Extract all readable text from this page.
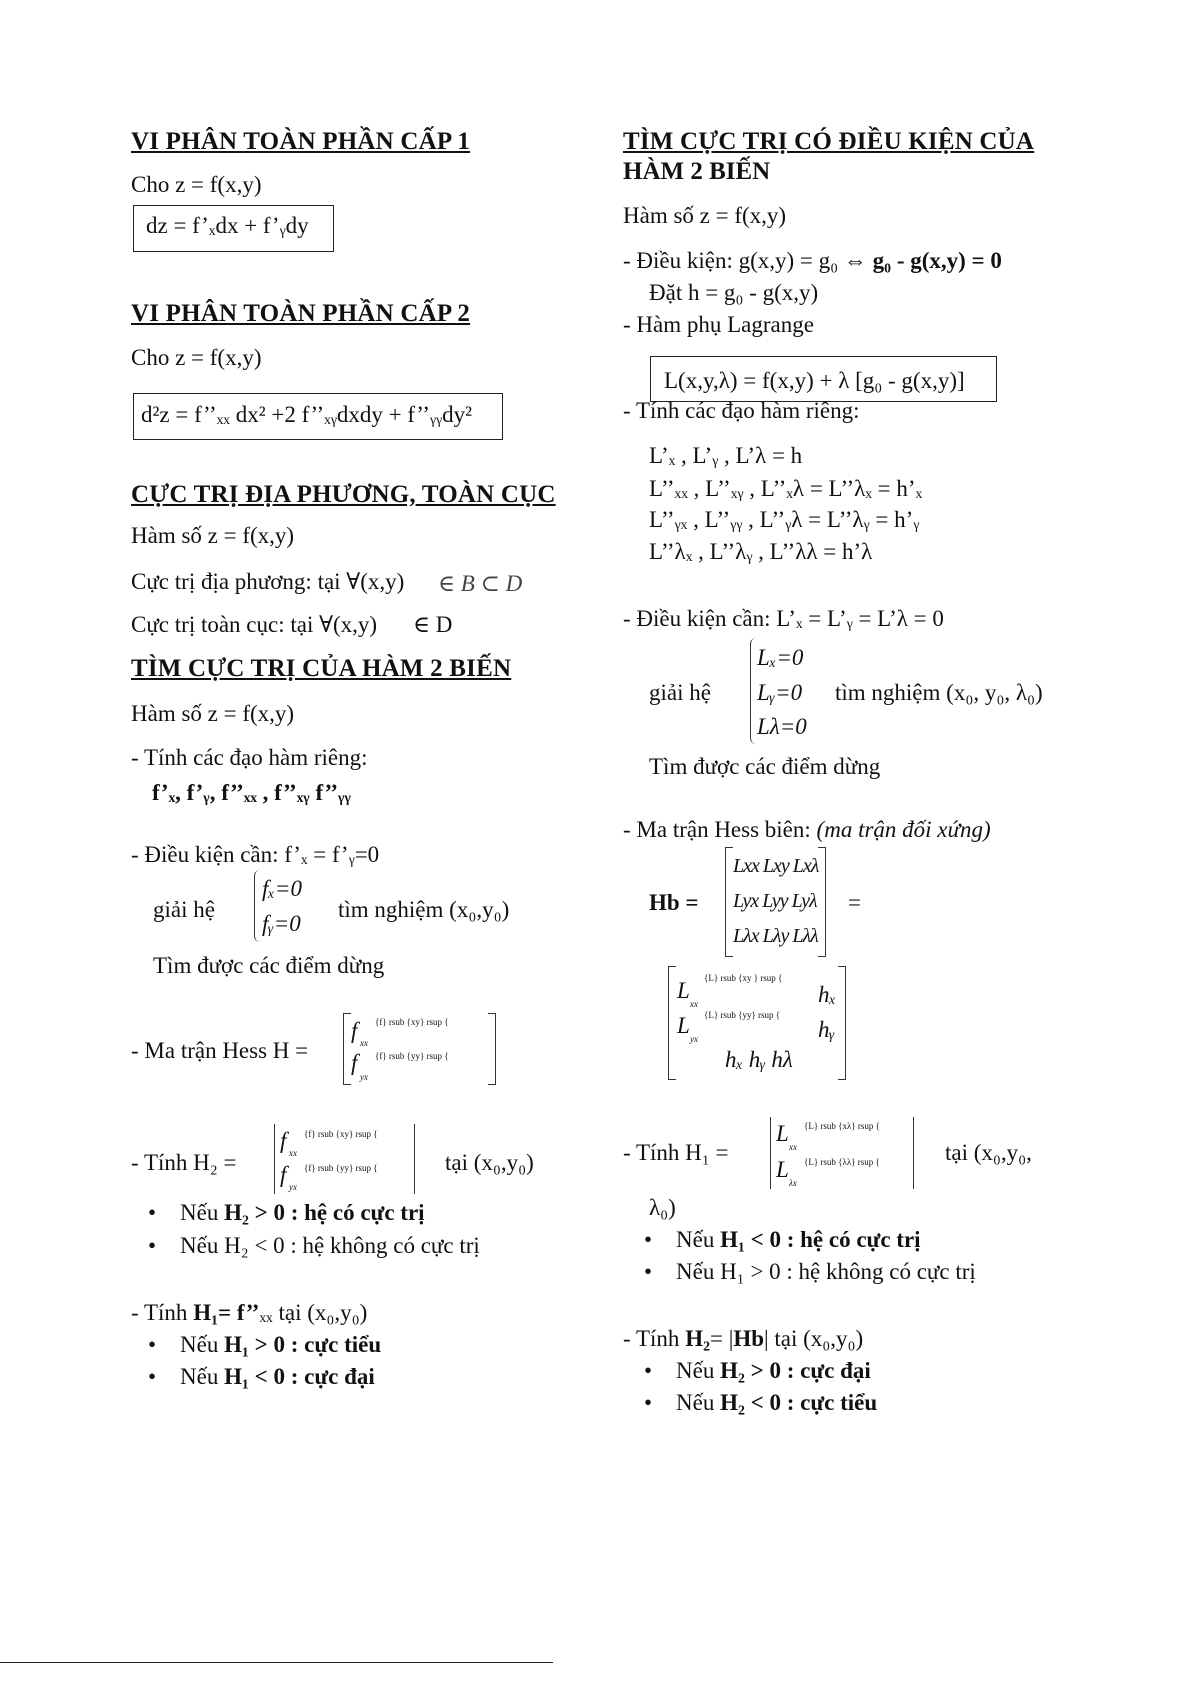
VI PHÂN TOÀN PHẦN CẤP 1
Cho z = f(x,y)
dz = f’ₓdx + f’ᵧdy
VI PHÂN TOÀN PHẦN CẤP 2
Cho z = f(x,y)
d²z = f’’ₓₓ dx² +2 f’’ₓᵧdxdy + f’’ᵧᵧdy²
CỰC TRỊ ĐỊA PHƯƠNG, TOÀN CỤC
Hàm số z = f(x,y)
Cực trị địa phương: tại ∀(x,y) ∈ B ⊂ D
Cực trị toàn cục: tại ∀(x,y) ∈ D
TÌM CỰC TRỊ CỦA HÀM 2 BIẾN
Hàm số z = f(x,y)
- Tính các đạo hàm riêng:
f’ₓ, f’ᵧ, f’’ₓₓ , f’’ₓᵧ f’’ᵧᵧ
- Điều kiện cần: f’ₓ = f’ᵧ=0
giải hệ
fₓ=0
fᵧ=0
tìm nghiệm (x₀,y₀)
Tìm được các điểm dừng
- Ma trận Hess H =
f xx
{f} rsub {xy} rsup {
f
yx
{f} rsub {yy} rsup {
- Tính H₂ =
f xx
{f} rsub {xy} rsup {
f yx
{f} rsub {yy} rsup {	tại (x₀,y₀)
• Nếu H₂ > 0 : hệ có cực trị
• Nếu H₂ < 0 : hệ không có cực trị
- Tính H₁= f’’ₓₓ tại (x₀,y₀)
• Nếu H₁ > 0 : cực tiểu
• Nếu H₁ < 0 : cực đại
TÌM CỰC TRỊ CÓ ĐIỀU KIỆN CỦA
HÀM 2 BIẾN
Hàm số z = f(x,y)
- Điều kiện: g(x,y) = g₀ ⇔ g₀ - g(x,y) = 0
Đặt h = g₀ - g(x,y)
- Hàm phụ Lagrange
L(x,y,λ) = f(x,y) + λ [g₀ - g(x,y)]
- Tính các đạo hàm riêng:
L’ₓ , L’ᵧ , L’λ = h
L’’ₓₓ , L’’ₓᵧ , L’’ₓλ = L’’λₓ = h’ₓ
L’’ᵧₓ , L’’ᵧᵧ , L’’ᵧλ = L’’λᵧ = h’ᵧ
L’’λₓ , L’’λᵧ , L’’λλ = h’λ
- Điều kiện cần: L’ₓ = L’ᵧ = L’λ = 0
giải hệ
Lₓ=0
Lᵧ=0
Lλ=0
tìm nghiệm (x₀, y₀, λ₀)
Tìm được các điểm dừng
- Ma trận Hess biên: (ma trận đối xứng)
Hb =
Lxx Lxy Lxλ
Lyx Lyy Lyλ
Lλx Lλy Lλλ
=
L
xx
{L} rsub {xy } rsup {
hₓ
L
yx
{L} rsub {yy} rsup {
hᵧ
hₓ hᵧ hλ
- Tính H₁ =
L
xx
{L} rsub {xλ} rsup {
L
λx
{L} rsub {λλ} rsup {	tại (x₀,y₀,
λ₀)
• Nếu H₁ < 0 : hệ có cực trị
• Nếu H₁ > 0 : hệ không có cực trị
- Tính H₂= |Hb| tại (x₀,y₀)
• Nếu H₂ > 0 : cực đại
• Nếu H₂ < 0 : cực tiểu
